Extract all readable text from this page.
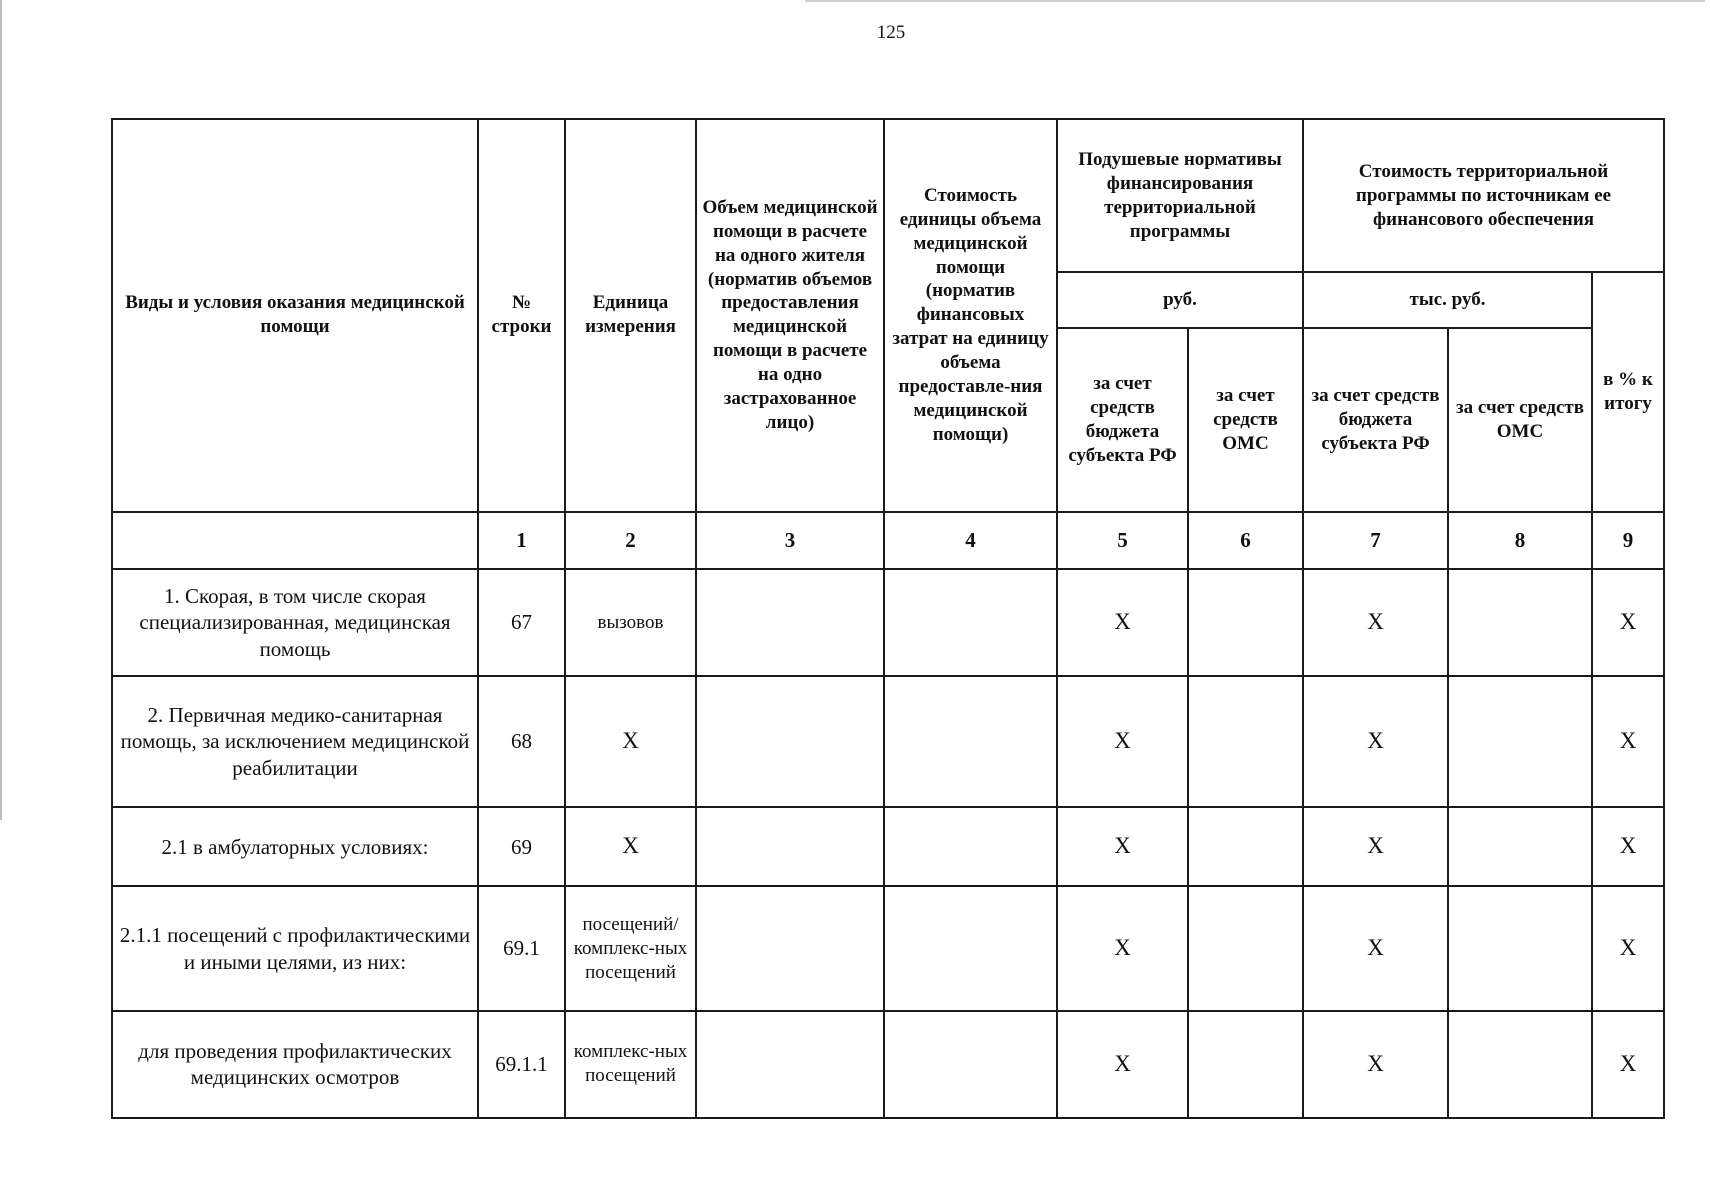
125
Виды и условия оказания медицинской помощи	№ строки	Единица измерения	Объем медицинской помощи в расчете на одного жителя (норматив объемов предоставления медицинской помощи в расчете на одно застрахованное лицо)	Стоимость единицы объема медицинской помощи (норматив финансовых затрат на единицу объема предоставле-ния медицинской помощи)	Подушевые нормативы финансирования территориальной программы		Стоимость территориальной программы по источникам ее финансового обеспечения		
					руб.		тыс. руб.		в % к итогу
					за счет средств бюджета субъекта РФ	за счет средств ОМС	за счет средств бюджета субъекта РФ	за счет средств ОМС	
	1	2	3	4	5	6	7	8	9
1. Скорая, в том числе скорая специализированная, медицинская помощь	67	вызовов			Х		Х		Х
2. Первичная медико-санитарная помощь, за исключением медицинской реабилитации	68	Х			Х		Х		Х
2.1 в амбулаторных условиях:	69	Х			Х		Х		Х
2.1.1 посещений с профилактическими и иными целями, из них:	69.1	посещений/ комплекс-ных посещений			Х		Х		Х
для проведения профилактических медицинских осмотров	69.1.1	комплекс-ных посещений			Х		Х		Х
